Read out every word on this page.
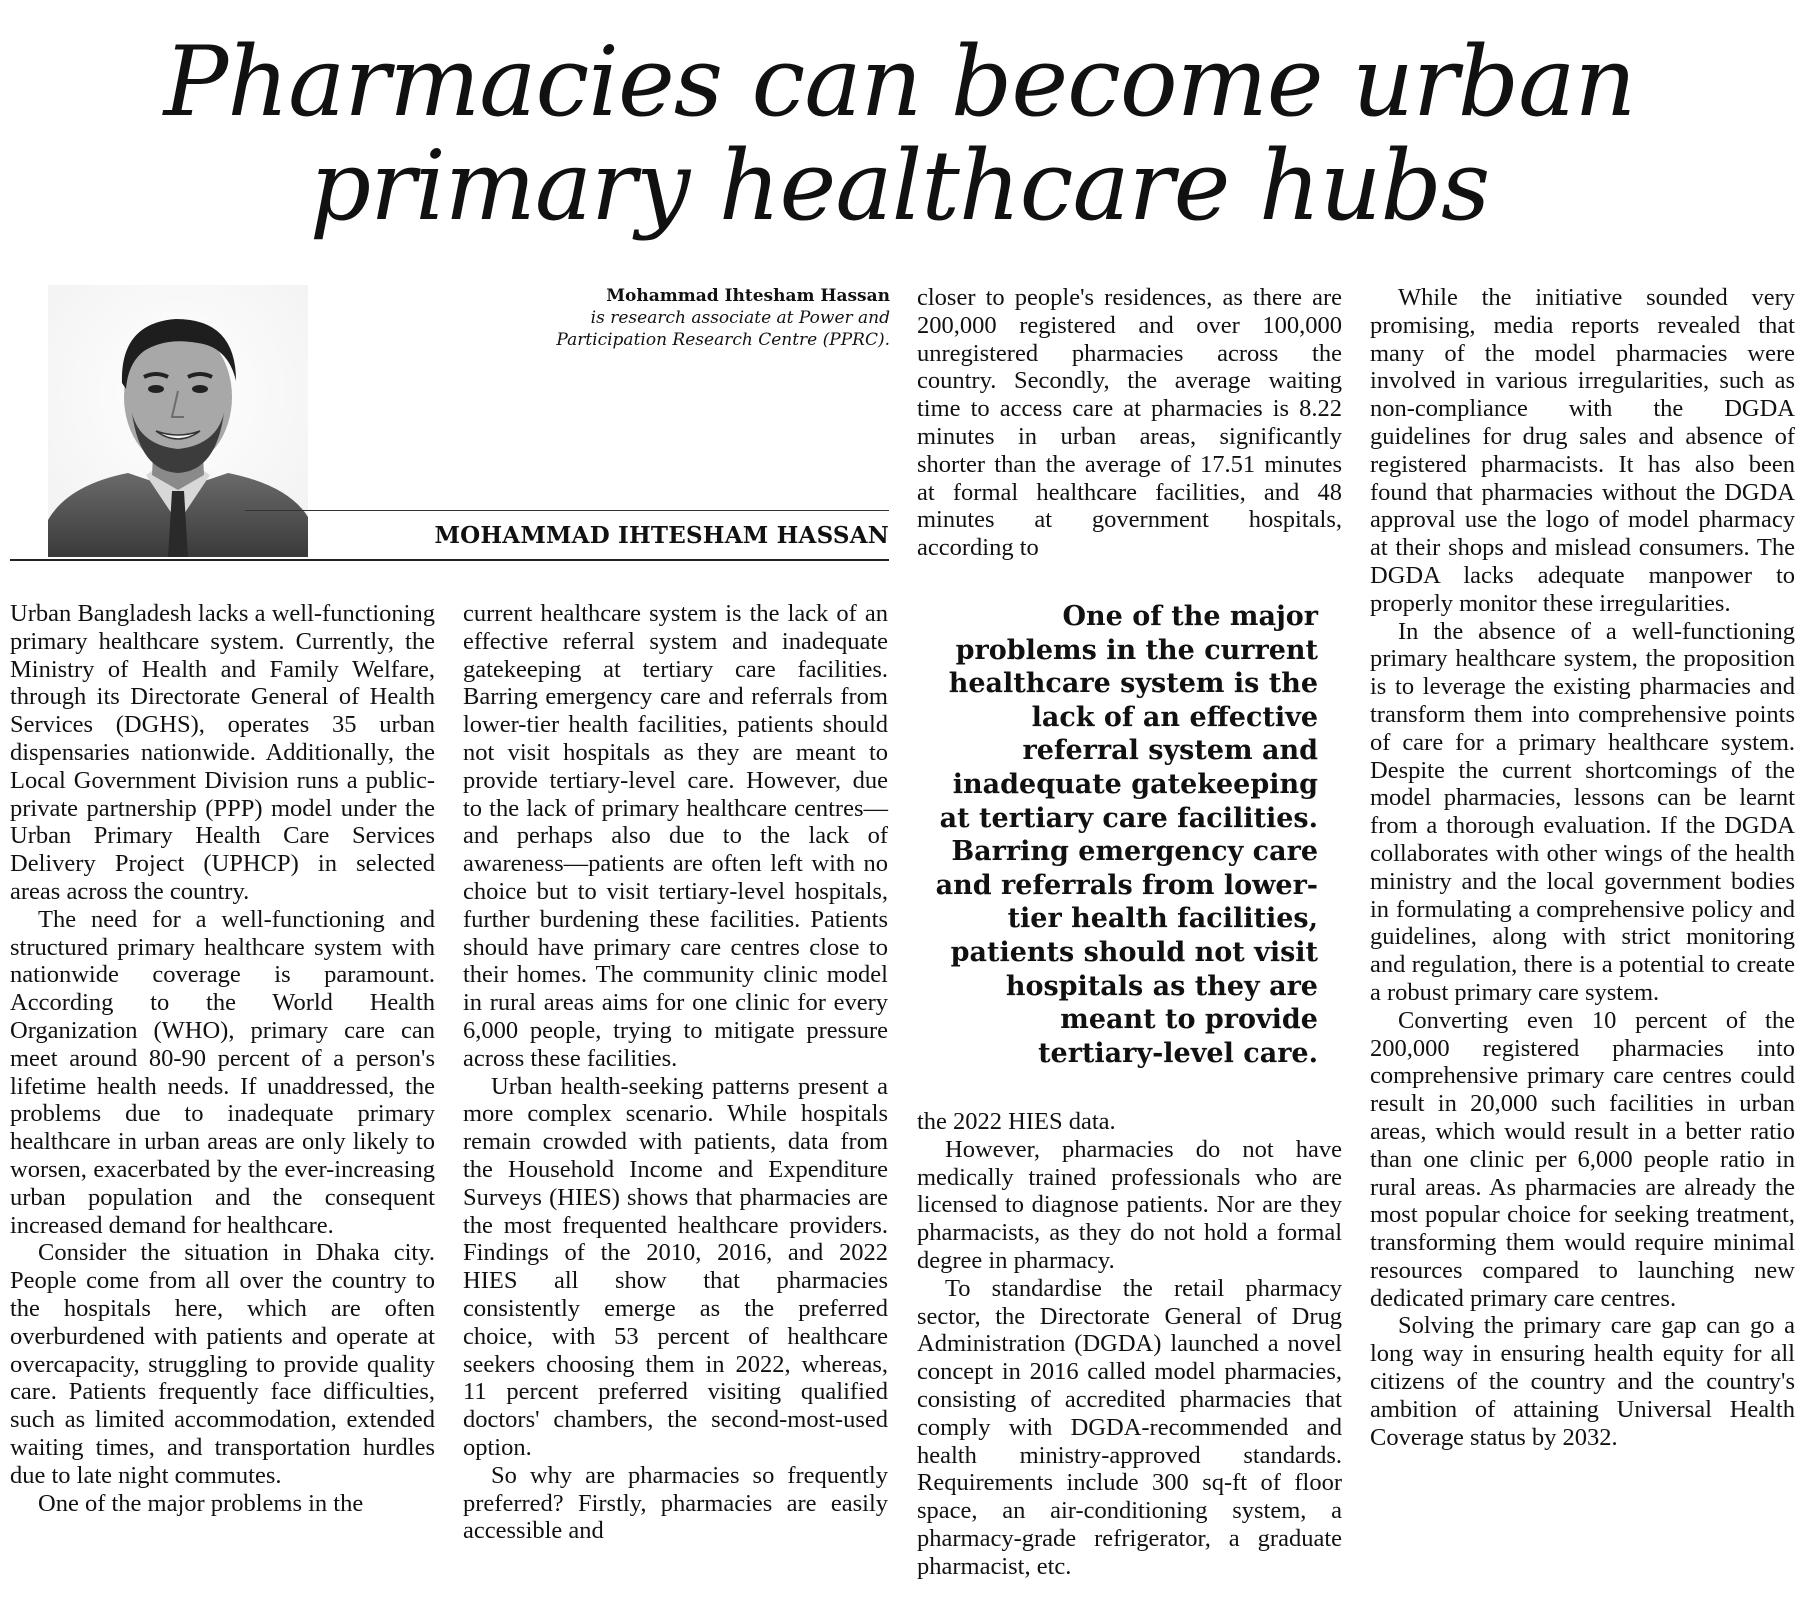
Pharmacies can become urban
primary healthcare hubs
Mohammad Ihtesham Hassan
is research associate at Power and
Participation Research Centre (PPRC).
MOHAMMAD IHTESHAM HASSAN

Urban Bangladesh lacks a well-functioning primary healthcare system. Currently, the Ministry of Health and Family Welfare, through its Directorate General of Health Services (DGHS), operates 35 urban dispensaries nationwide. Additionally, the Local Government Division runs a public-private partnership (PPP) model under the Urban Primary Health Care Services Delivery Project (UPHCP) in selected areas across the country.

The need for a well-functioning and structured primary healthcare system with nationwide coverage is paramount. According to the World Health Organization (WHO), primary care can meet around 80-90 percent of a person's lifetime health needs. If unaddressed, the problems due to inadequate primary healthcare in urban areas are only likely to worsen, exacerbated by the ever-increasing urban population and the consequent increased demand for healthcare.

Consider the situation in Dhaka city. People come from all over the country to the hospitals here, which are often overburdened with patients and operate at overcapacity, struggling to provide quality care. Patients frequently face difficulties, such as limited accommodation, extended waiting times, and transportation hurdles due to late night commutes.

One of the major problems in the

current healthcare system is the lack of an effective referral system and inadequate gatekeeping at tertiary care facilities. Barring emergency care and referrals from lower-tier health facilities, patients should not visit hospitals as they are meant to provide tertiary-level care. However, due to the lack of primary healthcare centres—and perhaps also due to the lack of awareness—patients are often left with no choice but to visit tertiary-level hospitals, further burdening these facilities. Patients should have primary care centres close to their homes. The community clinic model in rural areas aims for one clinic for every 6,000 people, trying to mitigate pressure across these facilities.

Urban health-seeking patterns present a more complex scenario. While hospitals remain crowded with patients, data from the Household Income and Expenditure Surveys (HIES) shows that pharmacies are the most frequented healthcare providers. Findings of the 2010, 2016, and 2022 HIES all show that pharmacies consistently emerge as the preferred choice, with 53 percent of healthcare seekers choosing them in 2022, whereas, 11 percent preferred visiting qualified doctors' chambers, the second-most-used option.

So why are pharmacies so frequently preferred? Firstly, pharmacies are easily accessible and

closer to people's residences, as there are 200,000 registered and over 100,000 unregistered pharmacies across the country. Secondly, the average waiting time to access care at pharmacies is 8.22 minutes in urban areas, significantly shorter than the average of 17.51 minutes at formal healthcare facilities, and 48 minutes at government hospitals, according to

One of the major problems in the current healthcare system is the lack of an effective referral system and inadequate gatekeeping at tertiary care facilities. Barring emergency care and referrals from lower-tier health facilities, patients should not visit hospitals as they are meant to provide tertiary-level care.

the 2022 HIES data.

However, pharmacies do not have medically trained professionals who are licensed to diagnose patients. Nor are they pharmacists, as they do not hold a formal degree in pharmacy.

To standardise the retail pharmacy sector, the Directorate General of Drug Administration (DGDA) launched a novel concept in 2016 called model pharmacies, consisting of accredited pharmacies that comply with DGDA-recommended and health ministry-approved standards. Requirements include 300 sq-ft of floor space, an air-conditioning system, a pharmacy-grade refrigerator, a graduate pharmacist, etc.

While the initiative sounded very promising, media reports revealed that many of the model pharmacies were involved in various irregularities, such as non-compliance with the DGDA guidelines for drug sales and absence of registered pharmacists. It has also been found that pharmacies without the DGDA approval use the logo of model pharmacy at their shops and mislead consumers. The DGDA lacks adequate manpower to properly monitor these irregularities.

In the absence of a well-functioning primary healthcare system, the proposition is to leverage the existing pharmacies and transform them into comprehensive points of care for a primary healthcare system. Despite the current shortcomings of the model pharmacies, lessons can be learnt from a thorough evaluation. If the DGDA collaborates with other wings of the health ministry and the local government bodies in formulating a comprehensive policy and guidelines, along with strict monitoring and regulation, there is a potential to create a robust primary care system.

Converting even 10 percent of the 200,000 registered pharmacies into comprehensive primary care centres could result in 20,000 such facilities in urban areas, which would result in a better ratio than one clinic per 6,000 people ratio in rural areas. As pharmacies are already the most popular choice for seeking treatment, transforming them would require minimal resources compared to launching new dedicated primary care centres.

Solving the primary care gap can go a long way in ensuring health equity for all citizens of the country and the country's ambition of attaining Universal Health Coverage status by 2032.
